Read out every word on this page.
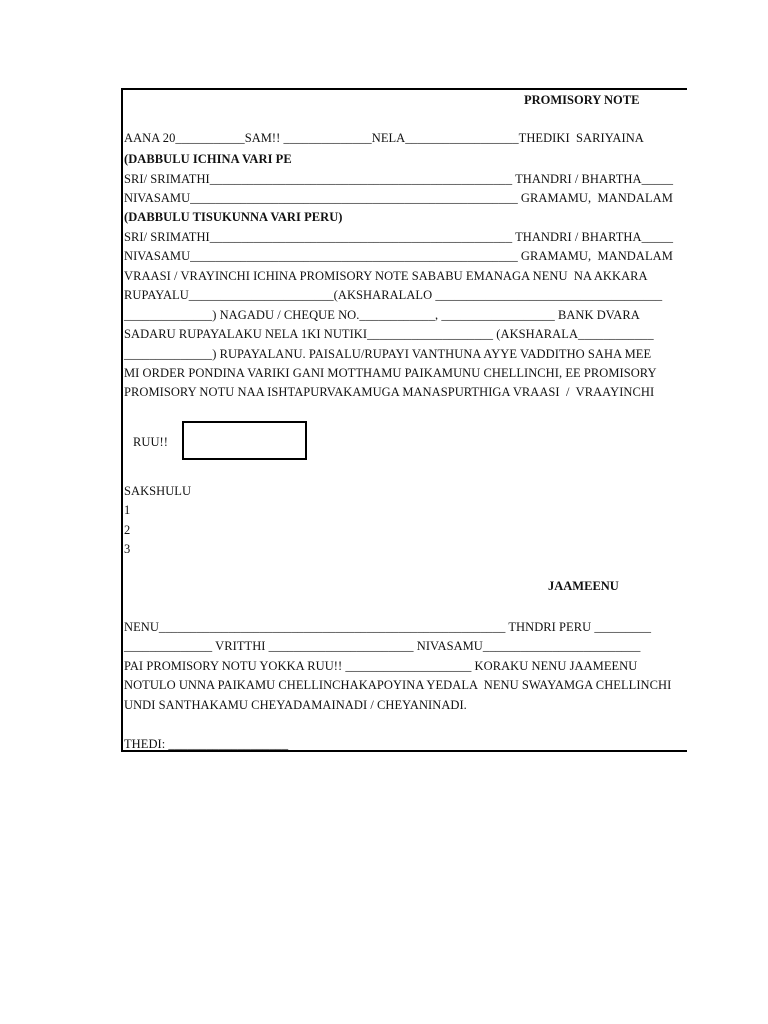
PROMISORY NOTE
AANA 20___________SAM!! ______________NELA__________________THEDIKI  SARIYAINA
(DABBULU ICHINA VARI PE
SRI/ SRIMATHI________________________________________________ THANDRI / BHARTHA_____
NIVASAMU____________________________________________________ GRAMAMU,  MANDALAM
(DABBULU TISUKUNNA VARI PERU)
SRI/ SRIMATHI________________________________________________ THANDRI / BHARTHA_____
NIVASAMU____________________________________________________ GRAMAMU,  MANDALAM
VRAASI / VRAYINCHI ICHINA PROMISORY NOTE SABABU EMANAGA NENU  NA AKKARA
RUPAYALU_______________________(AKSHARALALO ____________________________________
______________) NAGADU / CHEQUE NO.____________, __________________ BANK DVARA
SADARU RUPAYALAKU NELA 1KI NUTIKI____________________ (AKSHARALA____________
______________) RUPAYALANU. PAISALU/RUPAYI VANTHUNA AYYE VADDITHO SAHA MEE
MI ORDER PONDINA VARIKI GANI MOTTHAMU PAIKAMUNU CHELLINCHI, EE PROMISORY
PROMISORY NOTU NAA ISHTAPURVAKAMUGA MANASPURTHIGA VRAASI  /  VRAAYINCHI
RUU!!
SAKSHULU
1
2
3
JAAMEENU
NENU_______________________________________________________ THNDRI PERU _________
______________ VRITTHI _______________________ NIVASAMU_________________________
PAI PROMISORY NOTU YOKKA RUU!! ____________________ KORAKU NENU JAAMEENU
NOTULO UNNA PAIKAMU CHELLINCHAKAPOYINA YEDALA  NENU SWAYAMGA CHELLINCHI
UNDI SANTHAKAMU CHEYADAMAINADI / CHEYANINADI.
THEDI: ___________________
